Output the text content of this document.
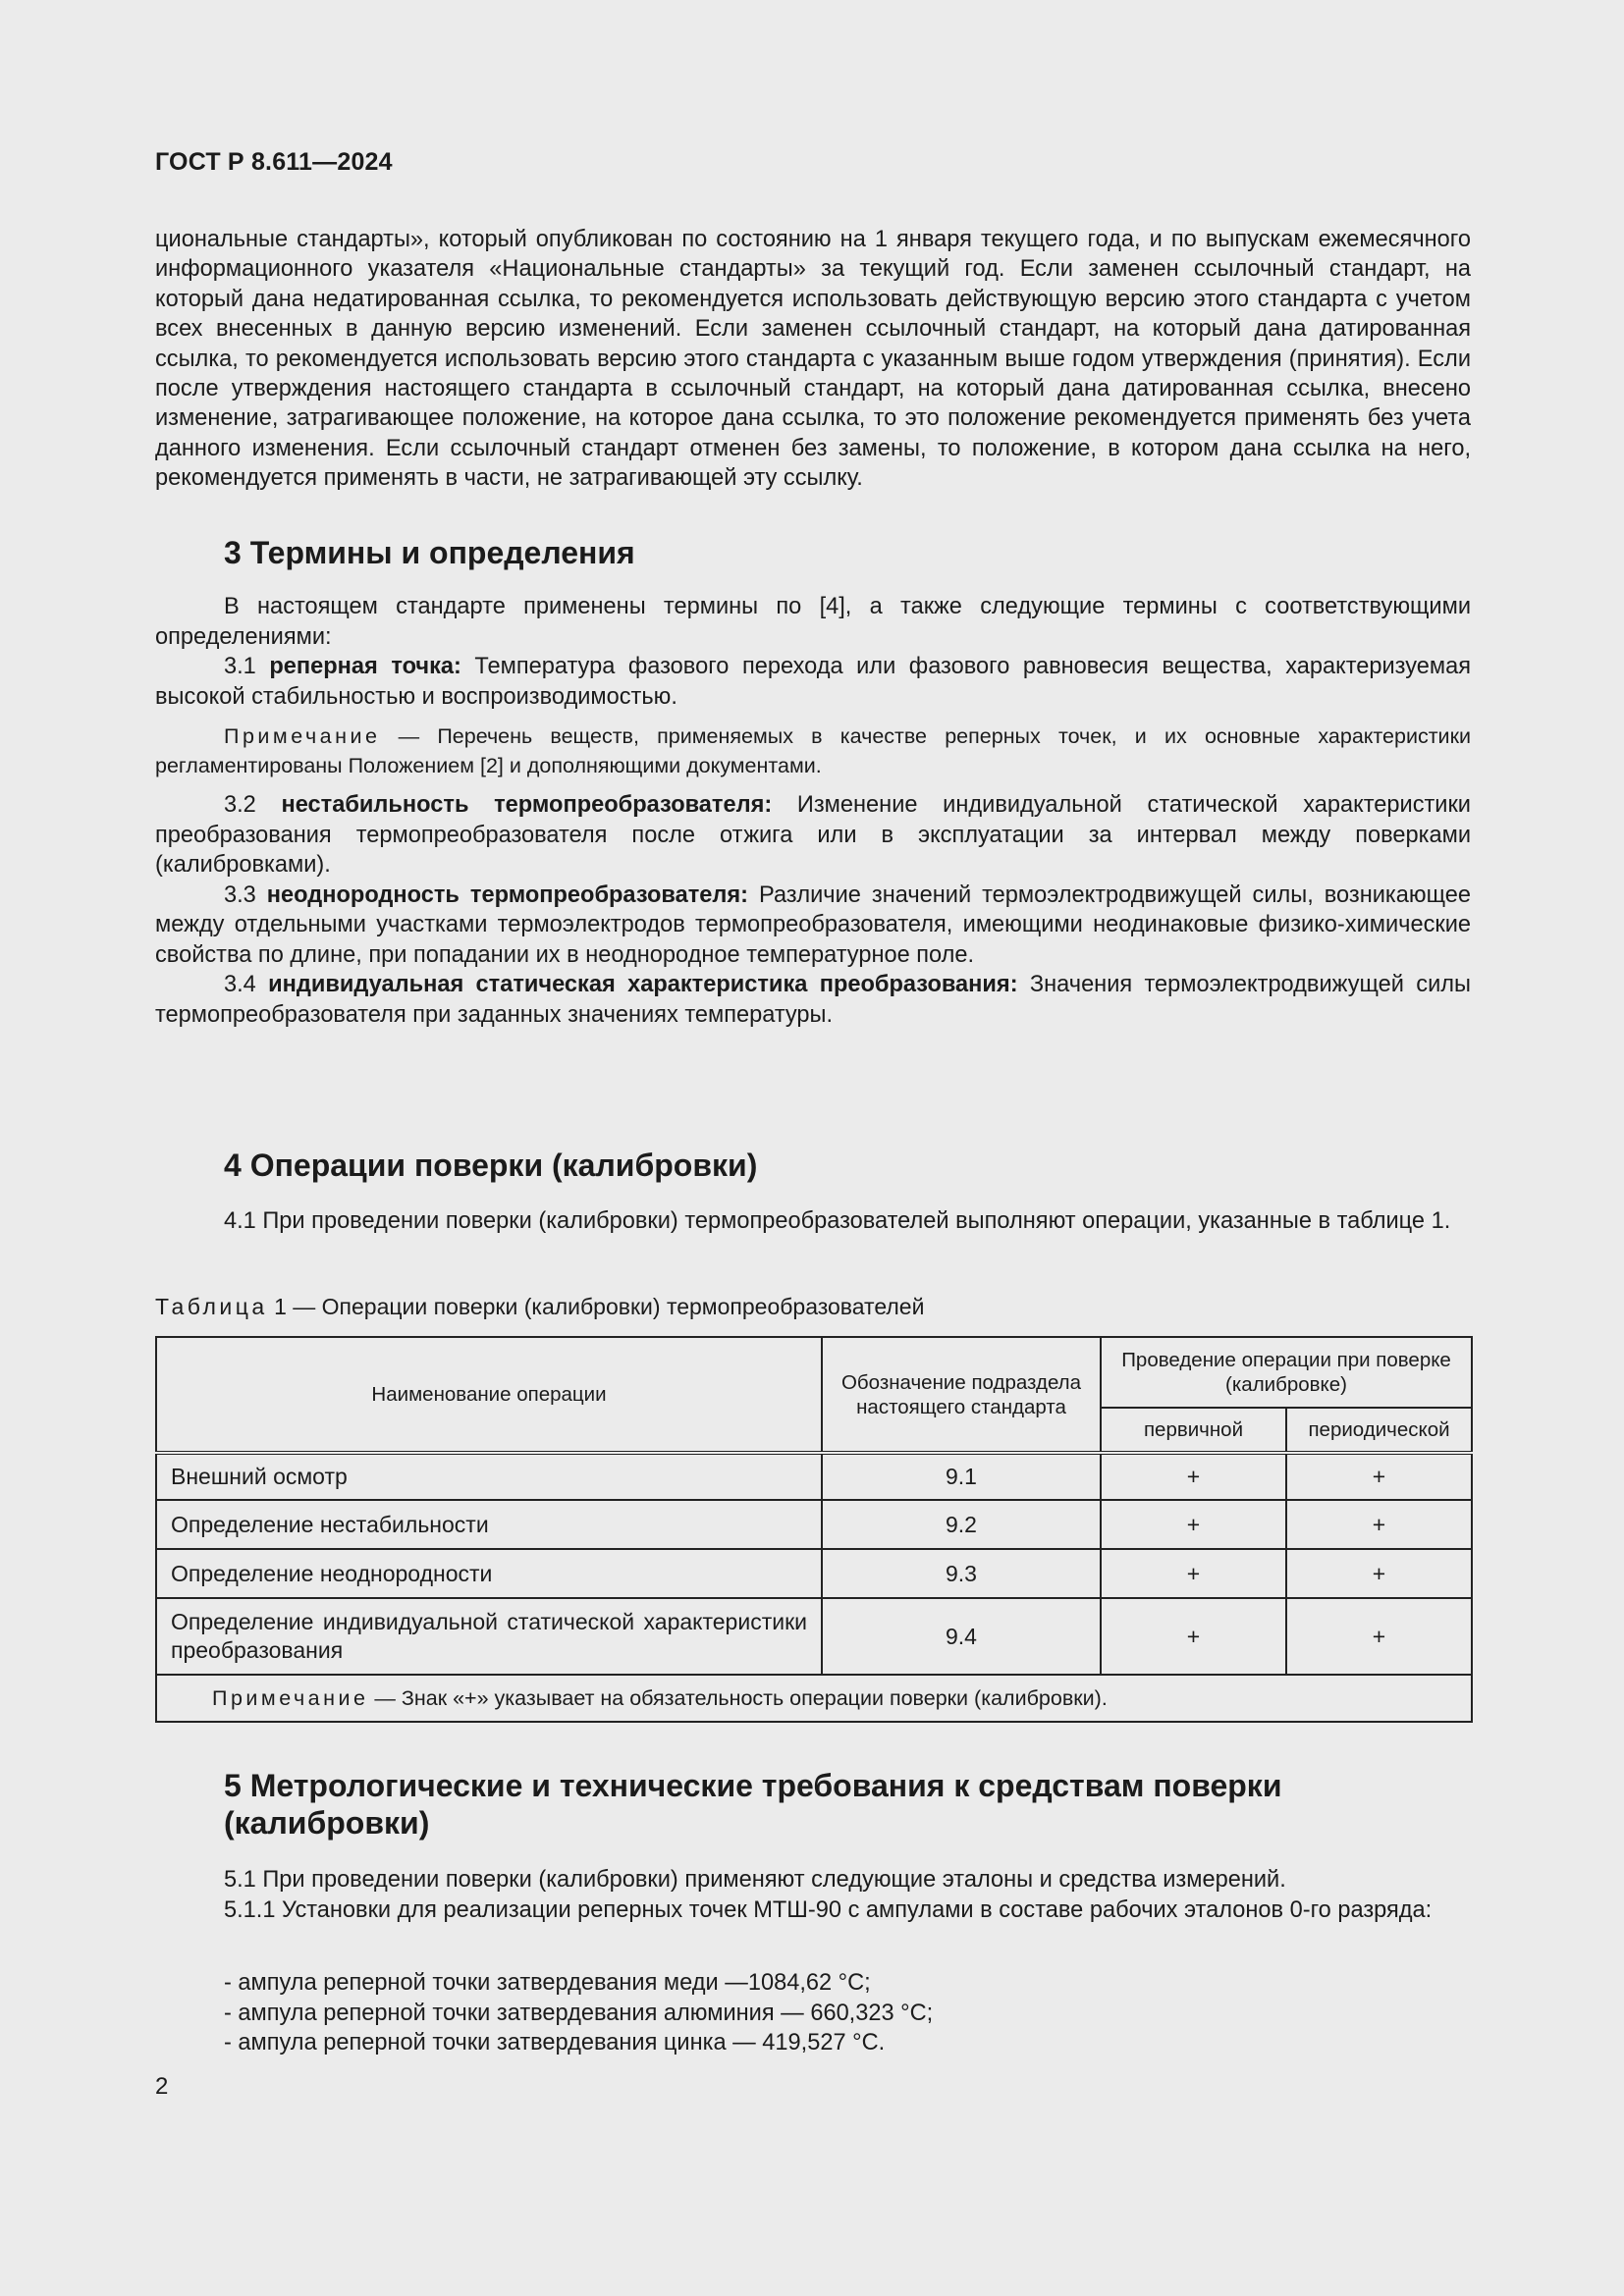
ГОСТ Р 8.611—2024

циональные стандарты», который опубликован по состоянию на 1 января текущего года, и по выпускам ежемесячного информационного указателя «Национальные стандарты» за текущий год. Если заменен ссылочный стандарт, на который дана недатированная ссылка, то рекомендуется использовать действующую версию этого стандарта с учетом всех внесенных в данную версию изменений. Если заменен ссылочный стандарт, на который дана датированная ссылка, то рекомендуется использовать версию этого стандарта с указанным выше годом утверждения (принятия). Если после утверждения настоящего стандарта в ссылочный стандарт, на который дана датированная ссылка, внесено изменение, затрагивающее положение, на которое дана ссылка, то это положение рекомендуется применять без учета данного изменения. Если ссылочный стандарт отменен без замены, то положение, в котором дана ссылка на него, рекомендуется применять в части, не затрагивающей эту ссылку.

3 Термины и определения

В настоящем стандарте применены термины по [4], а также следующие термины с соответствующими определениями:

3.1 реперная точка: Температура фазового перехода или фазового равновесия вещества, характеризуемая высокой стабильностью и воспроизводимостью.

Примечание — Перечень веществ, применяемых в качестве реперных точек, и их основные характеристики регламентированы Положением [2] и дополняющими документами.

3.2 нестабильность термопреобразователя: Изменение индивидуальной статической характеристики преобразования термопреобразователя после отжига или в эксплуатации за интервал между поверками (калибровками).

3.3 неоднородность термопреобразователя: Различие значений термоэлектродвижущей силы, возникающее между отдельными участками термоэлектродов термопреобразователя, имеющими неодинаковые физико-химические свойства по длине, при попадании их в неоднородное температурное поле.

3.4 индивидуальная статическая характеристика преобразования: Значения термоэлектродвижущей силы термопреобразователя при заданных значениях температуры.

4 Операции поверки (калибровки)

4.1 При проведении поверки (калибровки) термопреобразователей выполняют операции, указанные в таблице 1.

Таблица 1 — Операции поверки (калибровки) термопреобразователей
Наименование операции	Обозначение подраздела настоящего стандарта	Проведение операции при поверке (калибровке)	
		первичной	периодической
Внешний осмотр	9.1	+	+
Определение нестабильности	9.2	+	+
Определение неоднородности	9.3	+	+
Определение индивидуальной статической характеристики преобразования	9.4	+	+
Примечание — Знак «+» указывает на обязательность операции поверки (калибровки).			
5 Метрологические и технические требования к средствам поверки (калибровки)

5.1 При проведении поверки (калибровки) применяют следующие эталоны и средства измерений.

5.1.1 Установки для реализации реперных точек МТШ-90 с ампулами в составе рабочих эталонов 0-го разряда:

- ампула реперной точки затвердевания меди —1084,62 °C;
- ампула реперной точки затвердевания алюминия — 660,323 °C;
- ампула реперной точки затвердевания цинка — 419,527 °C.
2
